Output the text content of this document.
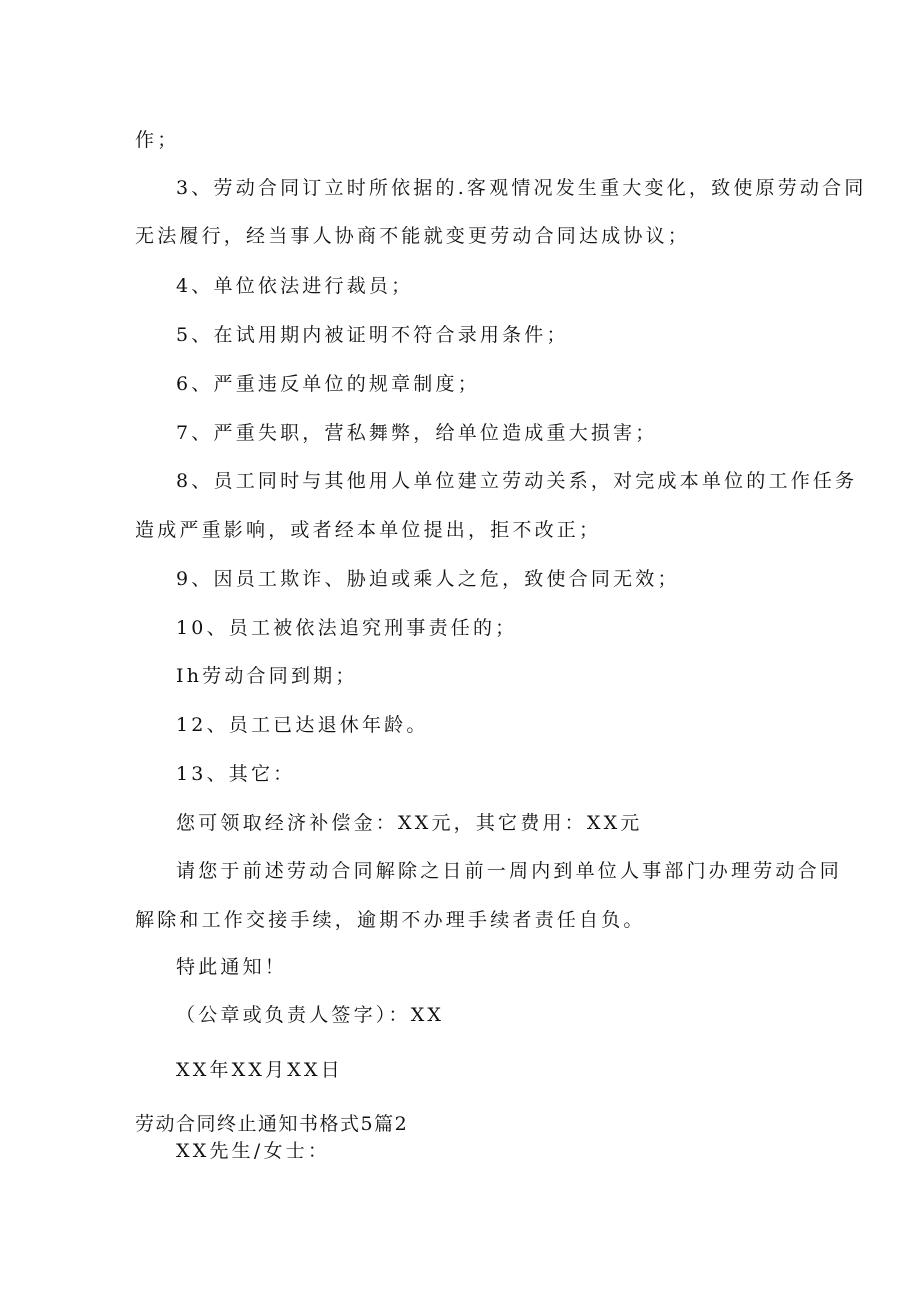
作；
3、劳动合同订立时所依据的.客观情况发生重大变化，致使原劳动合同
无法履行，经当事人协商不能就变更劳动合同达成协议；
4、单位依法进行裁员；
5、在试用期内被证明不符合录用条件；
6、严重违反单位的规章制度；
7、严重失职，营私舞弊，给单位造成重大损害；
8、员工同时与其他用人单位建立劳动关系，对完成本单位的工作任务
造成严重影响，或者经本单位提出，拒不改正；
9、因员工欺诈、胁迫或乘人之危，致使合同无效；
10、员工被依法追究刑事责任的；
Ih劳动合同到期；
12、员工已达退休年龄。
13、其它：
您可领取经济补偿金：XX元，其它费用：XX元
请您于前述劳动合同解除之日前一周内到单位人事部门办理劳动合同
解除和工作交接手续，逾期不办理手续者责任自负。
特此通知！
（公章或负责人签字）：XX
XX年XX月XX日
劳动合同终止通知书格式5篇2
XX先生/女士：
